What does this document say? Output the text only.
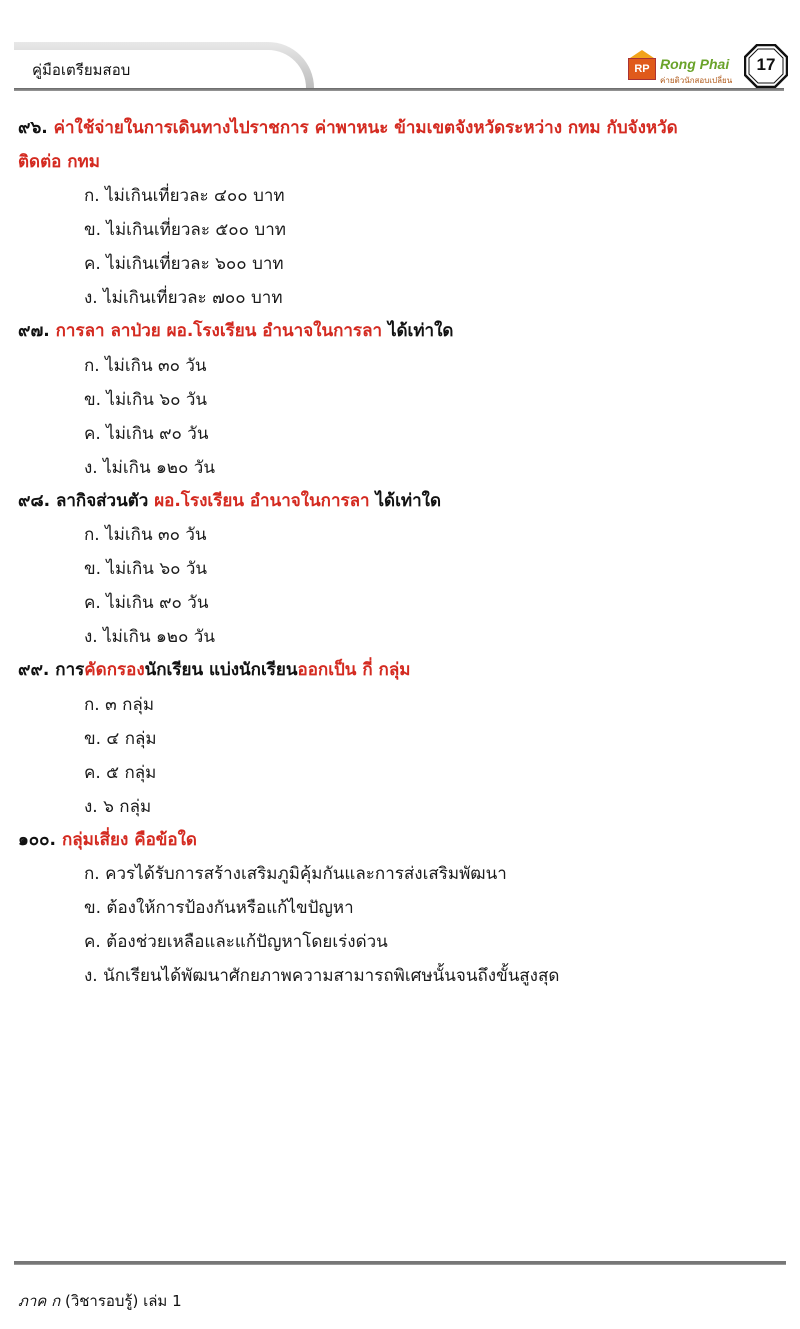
คู่มือเตรียมสอบ	RP Rong Phai
ค่ายติวนักสอบเปลี่ยน
17
๙๖. ค่าใช้จ่ายในการเดินทางไปราชการ ค่าพาหนะ ข้ามเขตจังหวัดระหว่าง กทม กับจังหวัด
ติดต่อ กทม
ก. ไม่เกินเที่ยวละ ๔๐๐ บาท
ข. ไม่เกินเที่ยวละ ๕๐๐ บาท
ค. ไม่เกินเที่ยวละ ๖๐๐ บาท
ง. ไม่เกินเที่ยวละ ๗๐๐ บาท
๙๗. การลา ลาป่วย ผอ.โรงเรียน อำนาจในการลา ได้เท่าใด
ก. ไม่เกิน ๓๐ วัน
ข. ไม่เกิน ๖๐ วัน
ค. ไม่เกิน ๙๐ วัน
ง. ไม่เกิน ๑๒๐ วัน
๙๘. ลากิจส่วนตัว ผอ.โรงเรียน อำนาจในการลา ได้เท่าใด
ก. ไม่เกิน ๓๐ วัน
ข. ไม่เกิน ๖๐ วัน
ค. ไม่เกิน ๙๐ วัน
ง. ไม่เกิน ๑๒๐ วัน
๙๙. การคัดกรองนักเรียน แบ่งนักเรียนออกเป็น กี่ กลุ่ม
ก. ๓ กลุ่ม
ข. ๔ กลุ่ม
ค. ๕ กลุ่ม
ง. ๖ กลุ่ม
๑๐๐. กลุ่มเสี่ยง คือข้อใด
ก. ควรได้รับการสร้างเสริมภูมิคุ้มกันและการส่งเสริมพัฒนา
ข. ต้องให้การป้องกันหรือแก้ไขปัญหา
ค. ต้องช่วยเหลือและแก้ปัญหาโดยเร่งด่วน
ง. นักเรียนได้พัฒนาศักยภาพความสามารถพิเศษนั้นจนถึงขั้นสูงสุด
ภาค ก (วิชารอบรู้) เล่ม 1
